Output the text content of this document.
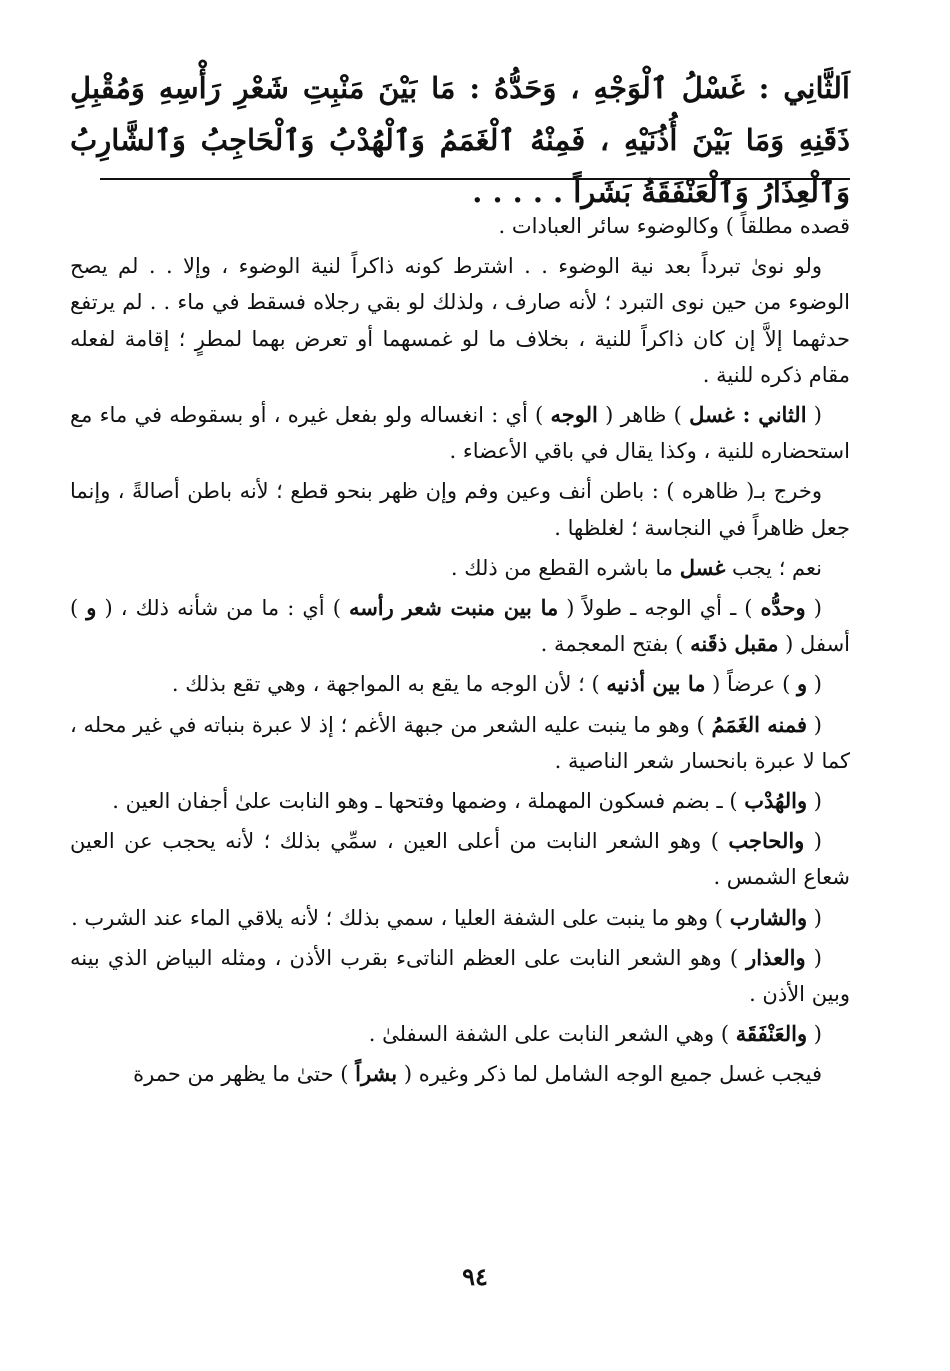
اَلثَّانِي : غَسْلُ ٱلْوَجْهِ ، وَحَدُّهُ : مَا بَيْنَ مَنْبِتِ شَعْرِ رَأْسِهِ وَمُقْبِلِ ذَقَنِهِ وَمَا بَيْنَ أُذُنَيْهِ ، فَمِنْهُ ٱلْغَمَمُ وَٱلْهُدْبُ وَٱلْحَاجِبُ وَٱلشَّارِبُ وَٱلْعِذَارُ وَٱلْعَنْفَقَةُ بَشَراً . . . . .

قصده مطلقاً ) وكالوضوء سائر العبادات .

ولو نوىٰ تبرداً بعد نية الوضوء . . اشترط كونه ذاكراً لنية الوضوء ، وإلا . . لم يصح الوضوء من حين نوى التبرد ؛ لأنه صارف ، ولذلك لو بقي رجلاه فسقط في ماء . . لم يرتفع حدثهما إلاَّ إن كان ذاكراً للنية ، بخلاف ما لو غمسهما أو تعرض بهما لمطرٍ ؛ إقامة لفعله مقام ذكره للنية .

( الثاني : غسل ) ظاهر ( الوجه ) أي : انغساله ولو بفعل غيره ، أو بسقوطه في ماء مع استحضاره للنية ، وكذا يقال في باقي الأعضاء .

وخرج بـ( ظاهره ) : باطن أنف وعين وفم وإن ظهر بنحو قطع ؛ لأنه باطن أصالةً ، وإنما جعل ظاهراً في النجاسة ؛ لغلظها .

نعم ؛ يجب غسل ما باشره القطع من ذلك .

( وحدُّه ) ـ أي الوجه ـ طولاً ( ما بين منبت شعر رأسه ) أي : ما من شأنه ذلك ، ( و ) أسفل ( مقبل ذقَنه ) بفتح المعجمة .

( و ) عرضاً ( ما بين أذنيه ) ؛ لأن الوجه ما يقع به المواجهة ، وهي تقع بذلك .

( فمنه الغَمَمُ ) وهو ما ينبت عليه الشعر من جبهة الأغم ؛ إذ لا عبرة بنباته في غير محله ، كما لا عبرة بانحسار شعر الناصية .

( والهُدْب ) ـ بضم فسكون المهملة ، وضمها وفتحها ـ وهو النابت علىٰ أجفان العين .

( والحاجب ) وهو الشعر النابت من أعلى العين ، سمِّي بذلك ؛ لأنه يحجب عن العين شعاع الشمس .

( والشارب ) وهو ما ينبت على الشفة العليا ، سمي بذلك ؛ لأنه يلاقي الماء عند الشرب .

( والعذار ) وهو الشعر النابت على العظم الناتىء بقرب الأذن ، ومثله البياض الذي بينه وبين الأذن .

( والعَنْفَقَة ) وهي الشعر النابت على الشفة السفلىٰ .

فيجب غسل جميع الوجه الشامل لما ذكر وغيره ( بشراً ) حتىٰ ما يظهر من حمرة

٩٤
